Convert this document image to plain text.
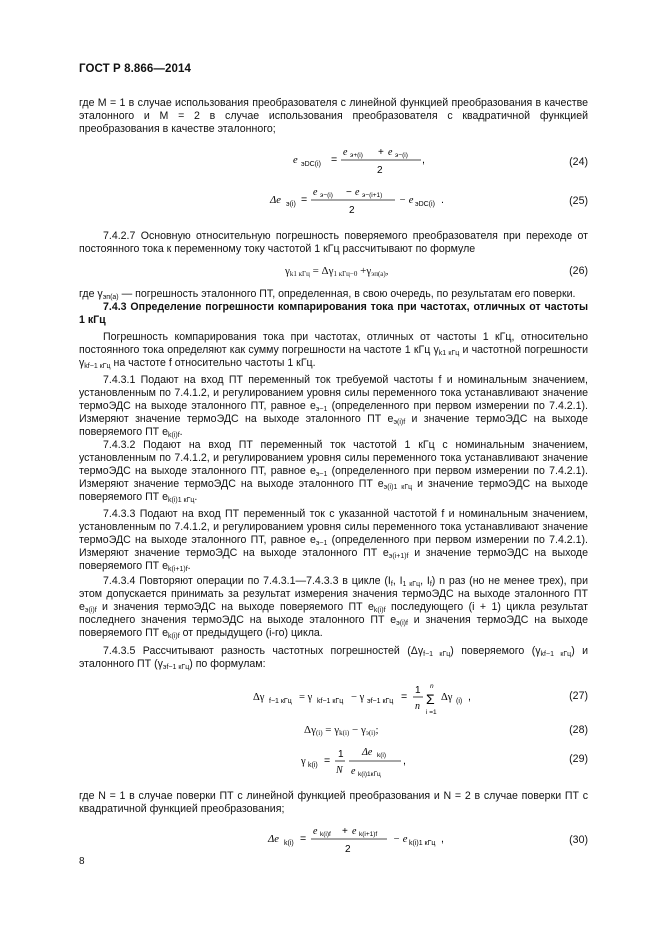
ГОСТ Р 8.866—2014
где M = 1 в случае использования преобразователя с линейной функцией преобразования в качестве эталонного и M = 2 в случае использования преобразователя с квадратичной функцией преобразования в качестве эталонного;
e эDC(i) =
e э+(i) + e э−(i)
2
,	(24)
Δe э(i) =
e э−(i) − e э−(i+1)
2
− e эDC(i) .	(25)
7.4.2.7 Основную относительную погрешность поверяемого преобразователя при переходе от постоянного тока к переменному току частотой 1 кГц рассчитывают по формуле
$\gamma_{k1 кГц} = \Delta\gamma_{1 кГц-0} +\gamma_{эп(а)}$,	(26)
где $\gamma_{эп(а)}$ — погрешность эталонного ПТ, определенная, в свою очередь, по результатам его поверки.
7.4.3 Определение погрешности компарирования тока при частотах, отличных от частоты 1 кГц
Погрешность компарирования тока при частотах, отличных от частоты 1 кГц, относительно постоянного тока определяют как сумму погрешности на частоте 1 кГц $\gamma_{k1 кГц}$ и частотной погрешности $\gamma_{kf-1 кГц}$ на частоте f относительно частоты 1 кГц.
7.4.3.1 Подают на вход ПТ переменный ток требуемой частоты f и номинальным значением, установленным по 7.4.1.2, и регулированием уровня силы переменного тока устанавливают значение термоЭДС на выходе эталонного ПТ, равное $e_{э-1}$ (определенного при первом измерении по 7.4.2.1). Измеряют значение термоЭДС на выходе эталонного ПТ $e_{э(i)f}$ и значение термоЭДС на выходе поверяемого ПТ $e_{k(i)f}$.
7.4.3.2 Подают на вход ПТ переменный ток частотой 1 кГц с номинальным значением, установленным по 7.4.1.2, и регулированием уровня силы переменного тока устанавливают значение термоЭДС на выходе эталонного ПТ, равное $e_{э-1}$ (определенного при первом измерении по 7.4.2.1). Измеряют значение термоЭДС на выходе эталонного ПТ $e_{э(i)1 кГц}$ и значение термоЭДС на выходе поверяемого ПТ $e_{k(i)1 кГц}$.
7.4.3.3 Подают на вход ПТ переменный ток с указанной частотой f и номинальным значением, установленным по 7.4.1.2, и регулированием уровня силы переменного тока устанавливают значение термоЭДС на выходе эталонного ПТ, равное $e_{э-1}$ (определенного при первом измерении по 7.4.2.1). Измеряют значение термоЭДС на выходе эталонного ПТ $e_{э(i+1)f}$ и значение термоЭДС на выходе поверяемого ПТ $e_{k(i+1)f}$.
7.4.3.4 Повторяют операции по 7.4.3.1—7.4.3.3 в цикле ($I_f$, $I_{1 кГц}$, $I_f$) n раз (но не менее трех), при этом допускается принимать за результат измерения значения термоЭДС на выходе эталонного ПТ $e_{э(i)f}$ и значения термоЭДС на выходе поверяемого ПТ $e_{k(i)f}$ последующего (i + 1) цикла результат последнего значения термоЭДС на выходе эталонного ПТ $e_{э(i)f}$ и значения термоЭДС на выходе поверяемого ПТ $e_{k(i)f}$ от предыдущего (i-го) цикла.
7.4.3.5 Рассчитывают разность частотных погрешностей $(\Delta\gamma_{f-1 кГц})$ поверяемого $(\gamma_{kf-1 кГц})$ и эталонного ПТ $(\gamma_{эf-1 кГц})$ по формулам:
Δγ f−1 кГц = γ kf−1 кГц − γ эf−1 кГц =
1
n
n
Σ
i =1
Δγ (i) ,	(27)
$\Delta\gamma_{(i)} = \gamma_{k(i)} - \gamma_{э(i)}$;	(28)
γ k(i) =
1
N
Δe k(i)
e k(i)1кГц
,	(29)
где N = 1 в случае поверки ПТ с линейной функцией преобразования и N = 2 в случае поверки ПТ с квадратичной функцией преобразования;
Δe k(i) =
e k(i)f + e k(i+1)f
2
− e k(i)1 кГц ,	(30)
8
